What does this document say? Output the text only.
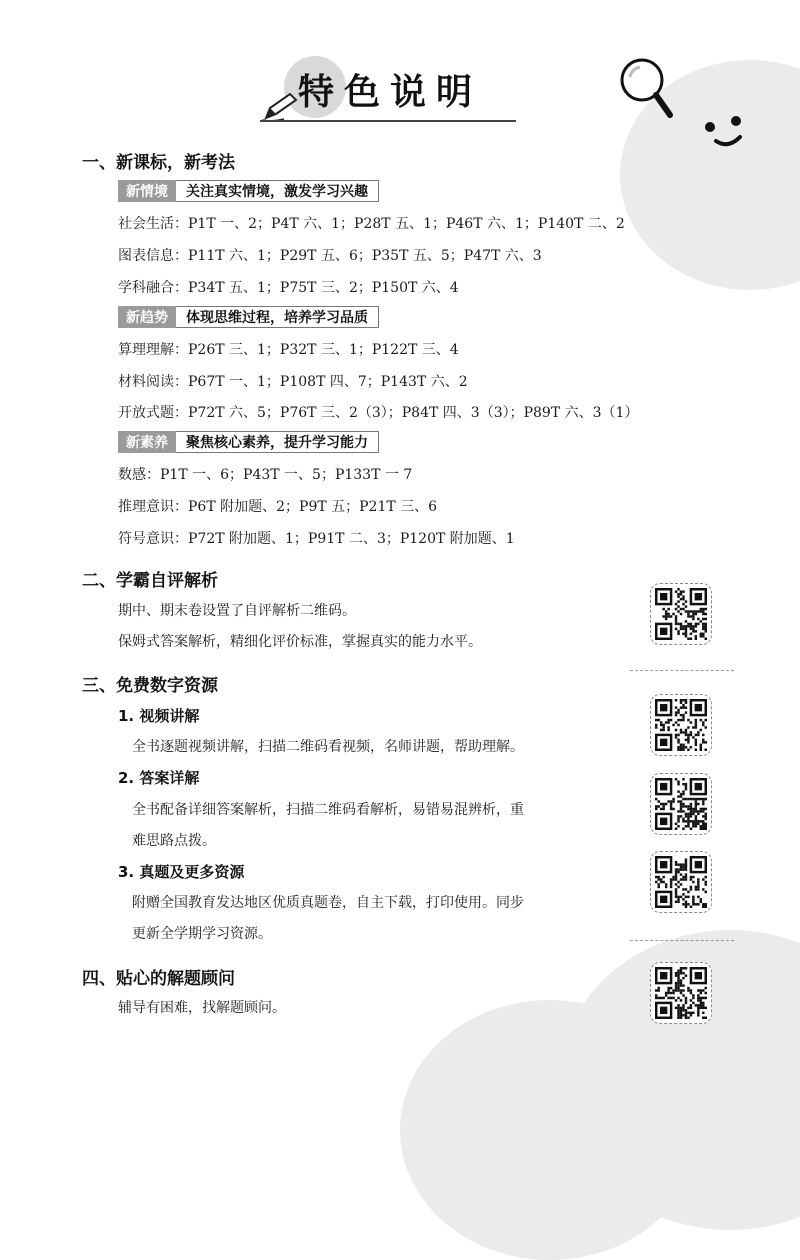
特色说明
一、新课标，新考法
新情境	关注真实情境，激发学习兴趣
社会生活：P1T 一、2；P4T 六、1；P28T 五、1；P46T 六、1；P140T 二、2
图表信息：P11T 六、1；P29T 五、6；P35T 五、5；P47T 六、3
学科融合：P34T 五、1；P75T 三、2；P150T 六、4
新趋势	体现思维过程，培养学习品质
算理理解：P26T 三、1；P32T 三、1；P122T 三、4
材料阅读：P67T 一、1；P108T 四、7；P143T 六、2
开放式题：P72T 六、5；P76T 三、2（3）；P84T 四、3（3）；P89T 六、3（1）
新素养	聚焦核心素养，提升学习能力
数感：P1T 一、6；P43T 一、5；P133T 一 7
推理意识：P6T 附加题、2；P9T 五；P21T 三、6
符号意识：P72T 附加题、1；P91T 二、3；P120T 附加题、1
二、学霸自评解析
期中、期末卷设置了自评解析二维码。
保姆式答案解析，精细化评价标准，掌握真实的能力水平。
三、免费数字资源
1. 视频讲解
全书逐题视频讲解，扫描二维码看视频，名师讲题，帮助理解。
2. 答案详解
全书配备详细答案解析，扫描二维码看解析，易错易混辨析，重
难思路点拨。
3. 真题及更多资源
附赠全国教育发达地区优质真题卷，自主下载，打印使用。同步
更新全学期学习资源。
四、贴心的解题顾问
辅导有困难，找解题顾问。
